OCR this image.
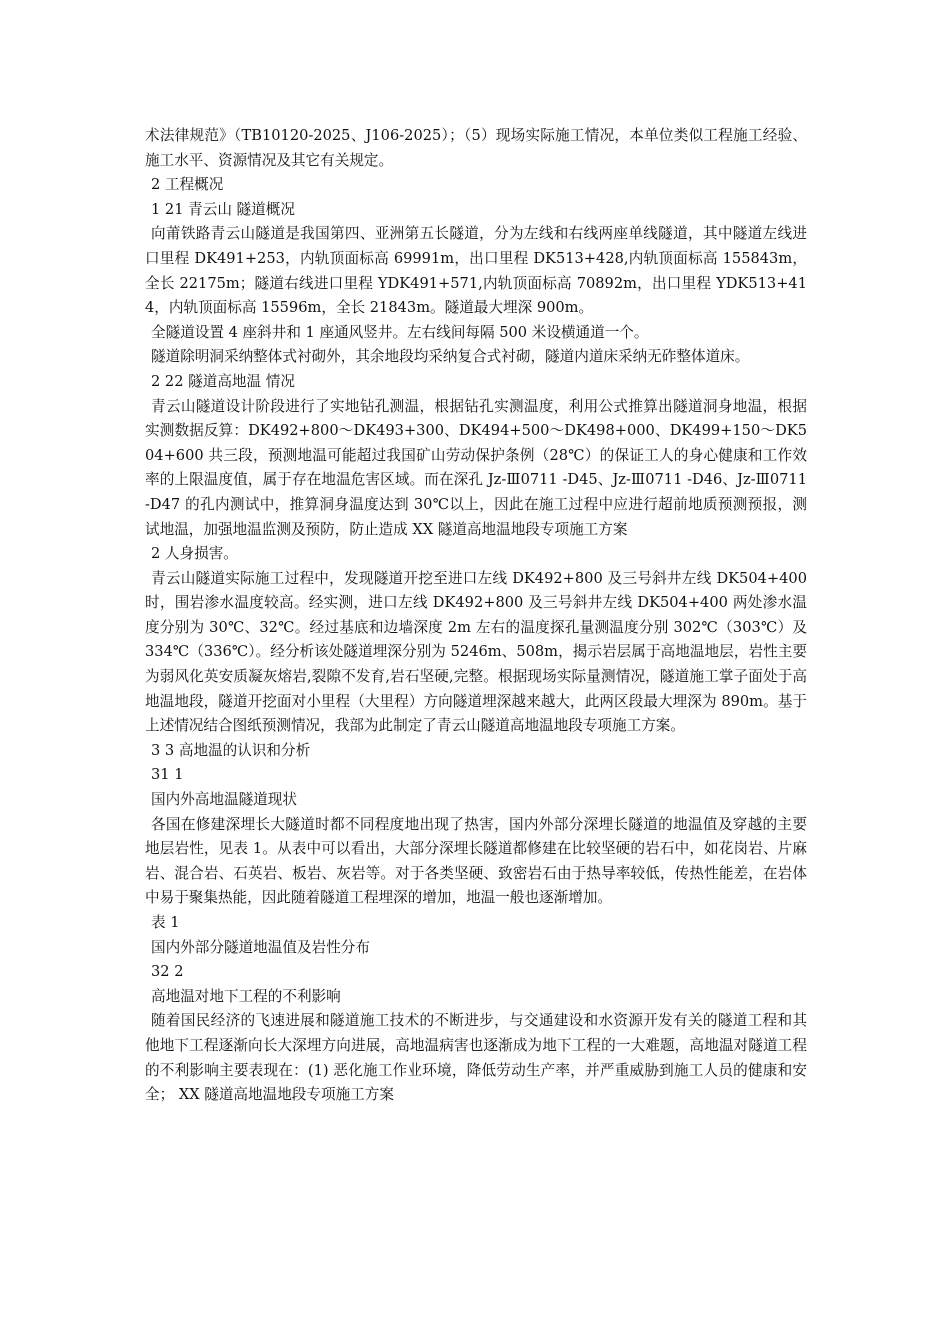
术法律规范》（TB10120-2025、J106-2025）；（5）现场实际施工情况，本单位类似工程施工经验、施工水平、资源情况及其它有关规定。

2 工程概况

1 21 青云山 隧道概况

向莆铁路青云山隧道是我国第四、亚洲第五长隧道，分为左线和右线两座单线隧道，其中隧道左线进口里程 DK491+253，内轨顶面标高 69991m，出口里程 DK513+428,内轨顶面标高 155843m，全长 22175m；隧道右线进口里程 YDK491+571,内轨顶面标高 70892m，出口里程 YDK513+414，内轨顶面标高 15596m，全长 21843m。隧道最大埋深 900m。

全隧道设置 4 座斜井和 1 座通风竖井。左右线间每隔 500 米设横通道一个。

隧道除明洞采纳整体式衬砌外，其余地段均采纳复合式衬砌，隧道内道床采纳无砟整体道床。

2 22 隧道高地温 情况

青云山隧道设计阶段进行了实地钻孔测温，根据钻孔实测温度，利用公式推算出隧道洞身地温，根据实测数据反算：DK492+800～DK493+300、DK494+500～DK498+000、DK499+150～DK504+600 共三段，预测地温可能超过我国矿山劳动保护条例（28℃）的保证工人的身心健康和工作效率的上限温度值，属于存在地温危害区域。而在深孔 Jz-Ⅲ0711 -D45、Jz-Ⅲ0711 -D46、Jz-Ⅲ0711 -D47 的孔内测试中，推算洞身温度达到 30℃以上，因此在施工过程中应进行超前地质预测预报，测试地温，加强地温监测及预防，防止造成 XX 隧道高地温地段专项施工方案

2 人身损害。

青云山隧道实际施工过程中，发现隧道开挖至进口左线 DK492+800 及三号斜井左线 DK504+400 时，围岩渗水温度较高。经实测，进口左线 DK492+800 及三号斜井左线 DK504+400 两处渗水温度分别为 30℃、32℃。经过基底和边墙深度 2m 左右的温度探孔量测温度分别 302℃（303℃）及 334℃（336℃）。经分析该处隧道埋深分别为 5246m、508m，揭示岩层属于高地温地层，岩性主要为弱风化英安质凝灰熔岩,裂隙不发育,岩石坚硬,完整。根据现场实际量测情况，隧道施工掌子面处于高地温地段，隧道开挖面对小里程（大里程）方向隧道埋深越来越大，此两区段最大埋深为 890m。基于上述情况结合图纸预测情况，我部为此制定了青云山隧道高地温地段专项施工方案。

3 3 高地温的认识和分析

31 1

国内外高地温隧道现状

各国在修建深埋长大隧道时都不同程度地出现了热害，国内外部分深埋长隧道的地温值及穿越的主要地层岩性，见表 1。从表中可以看出，大部分深埋长隧道都修建在比较坚硬的岩石中，如花岗岩、片麻岩、混合岩、石英岩、板岩、灰岩等。对于各类坚硬、致密岩石由于热导率较低，传热性能差，在岩体中易于聚集热能，因此随着隧道工程埋深的增加，地温一般也逐渐增加。

表 1

国内外部分隧道地温值及岩性分布

32 2

高地温对地下工程的不利影响

随着国民经济的飞速进展和隧道施工技术的不断进步，与交通建设和水资源开发有关的隧道工程和其他地下工程逐渐向长大深埋方向进展，高地温病害也逐渐成为地下工程的一大难题，高地温对隧道工程的不利影响主要表现在：(1) 恶化施工作业环境，降低劳动生产率，并严重威胁到施工人员的健康和安全； XX 隧道高地温地段专项施工方案
